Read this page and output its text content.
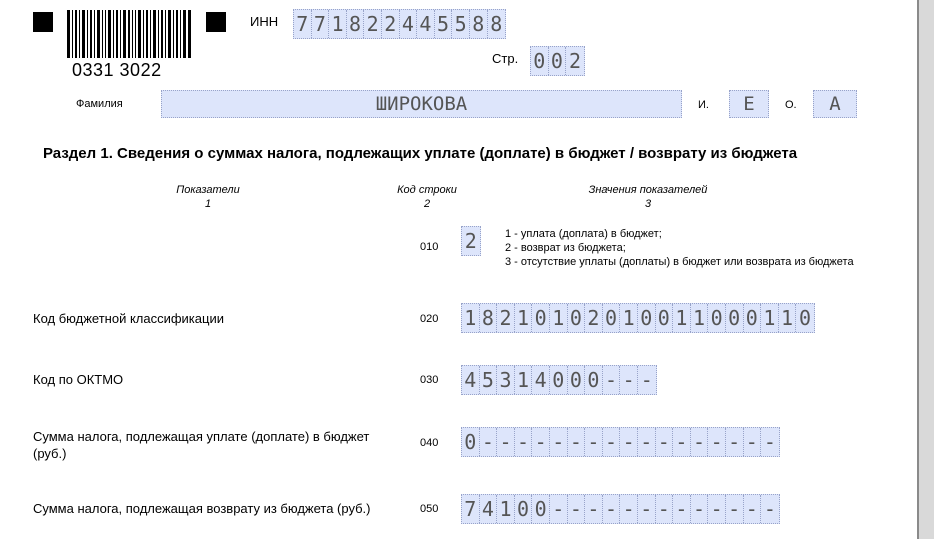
0331 3022
ИНН 7 7 1 8 2 2 4 4 5 5 8 8
Стр. 0 0 2
Фамилия	ШИРОКОВА	И. Е	О. А
Раздел 1. Сведения о суммах налога, подлежащих уплате (доплате) в бюджет / возврату из бюджета
Показатели
1
Код строки
2
Значения показателей
3
010 2	1 - уплата (доплата) в бюджет;
2 - возврат из бюджета;
3 - отсутствие уплаты (доплаты) в бюджет или возврата из бюджета
Код бюджетной классификации	020 1 8 2 1 0 1 0 2 0 1 0 0 1 1 0 0 0 1 1 0
Код по ОКТМО	030 4 5 3 1 4 0 0 0 - - -
Сумма налога, подлежащая уплате (доплате) в бюджет
(руб.)
040 0 - - - - - - - - - - - - - - - - -
Сумма налога, подлежащая возврату из бюджета (руб.)	050 7 4 1 0 0 - - - - - - - - - - - - -
